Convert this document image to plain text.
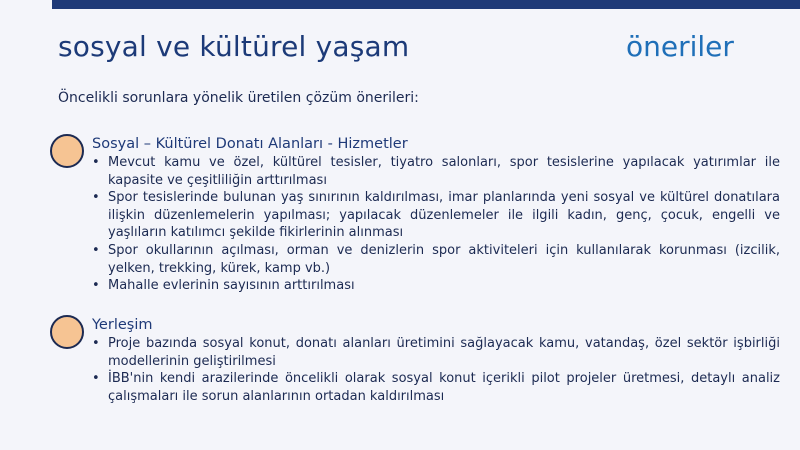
sosyal ve kültürel yaşam	öneriler
Öncelikli sorunlara yönelik üretilen çözüm önerileri:
Sosyal – Kültürel Donatı Alanları - Hizmetler
• Mevcut kamu ve özel, kültürel tesisler, tiyatro salonları, spor tesislerine yapılacak yatırımlar ile kapasite ve çeşitliliğin arttırılması
• Spor tesislerinde bulunan yaş sınırının kaldırılması, imar planlarında yeni sosyal ve kültürel donatılara ilişkin düzenlemelerin yapılması; yapılacak düzenlemeler ile ilgili kadın, genç, çocuk, engelli ve yaşlıların katılımcı şekilde fikirlerinin alınması
• Spor okullarının açılması, orman ve denizlerin spor aktiviteleri için kullanılarak korunması (izcilik, yelken, trekking, kürek, kamp vb.)
• Mahalle evlerinin sayısının arttırılması
Yerleşim
• Proje bazında sosyal konut, donatı alanları üretimini sağlayacak kamu, vatandaş, özel sektör işbirliği modellerinin geliştirilmesi
• İBB'nin kendi arazilerinde öncelikli olarak sosyal konut içerikli pilot projeler üretmesi, detaylı analiz çalışmaları ile sorun alanlarının ortadan kaldırılması
